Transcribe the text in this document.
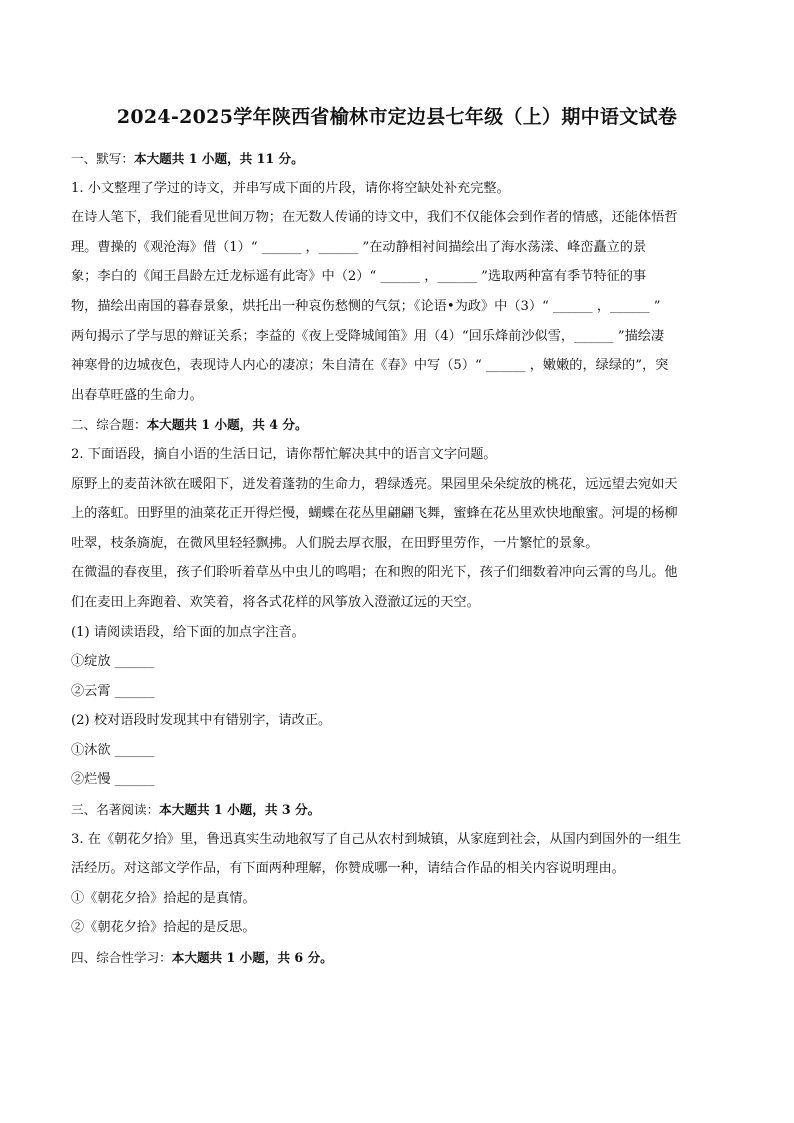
2024-2025学年陕西省榆林市定边县七年级（上）期中语文试卷
一、默写：本大题共 1 小题，共 11 分。
1. 小文整理了学过的诗文，并串写成下面的片段，请你将空缺处补充完整。
在诗人笔下，我们能看见世间万物；在无数人传诵的诗文中，我们不仅能体会到作者的情感，还能体悟哲
理。曹操的《观沧海》借（1）“ ______ ，______ ”在动静相衬间描绘出了海水荡漾、峰峦矗立的景
象；李白的《闻王昌龄左迁龙标遥有此寄》中（2）“ ______ ，______ ”选取两种富有季节特征的事
物，描绘出南国的暮春景象，烘托出一种哀伤愁恻的气氛；《论语•为政》中（3）“ ______ ，______ ”
两句揭示了学与思的辩证关系；李益的《夜上受降城闻笛》用（4）“回乐烽前沙似雪，______ ”描绘凄
神寒骨的边城夜色，表现诗人内心的凄凉；朱自清在《春》中写（5）“ ______ ，嫩嫩的，绿绿的”，突
出春草旺盛的生命力。
二、综合题：本大题共 1 小题，共 4 分。
2. 下面语段，摘自小语的生活日记，请你帮忙解决其中的语言文字问题。
原野上的麦苗沐欲在暖阳下，迸发着蓬勃的生命力，碧绿透亮。果园里朵朵绽放的桃花，远远望去宛如天
上的落虹。田野里的油菜花正开得烂慢，蝴蝶在花丛里翩翩飞舞，蜜蜂在花丛里欢快地酿蜜。河堤的杨柳
吐翠，枝条旖旎，在微风里轻轻飘拂。人们脱去厚衣服，在田野里劳作，一片繁忙的景象。
在微温的春夜里，孩子们聆听着草丛中虫儿的鸣唱；在和煦的阳光下，孩子们细数着冲向云霄的鸟儿。他
们在麦田上奔跑着、欢笑着，将各式花样的风筝放入澄澈辽远的天空。
(1) 请阅读语段，给下面的加点字注音。
①绽放 ______
②云霄 ______
(2) 校对语段时发现其中有错别字，请改正。
①沐欲 ______
②烂慢 ______
三、名著阅读：本大题共 1 小题，共 3 分。
3. 在《朝花夕拾》里，鲁迅真实生动地叙写了自己从农村到城镇，从家庭到社会，从国内到国外的一组生
活经历。对这部文学作品，有下面两种理解，你赞成哪一种，请结合作品的相关内容说明理由。
①《朝花夕拾》拾起的是真情。
②《朝花夕拾》拾起的是反思。
四、综合性学习：本大题共 1 小题，共 6 分。
